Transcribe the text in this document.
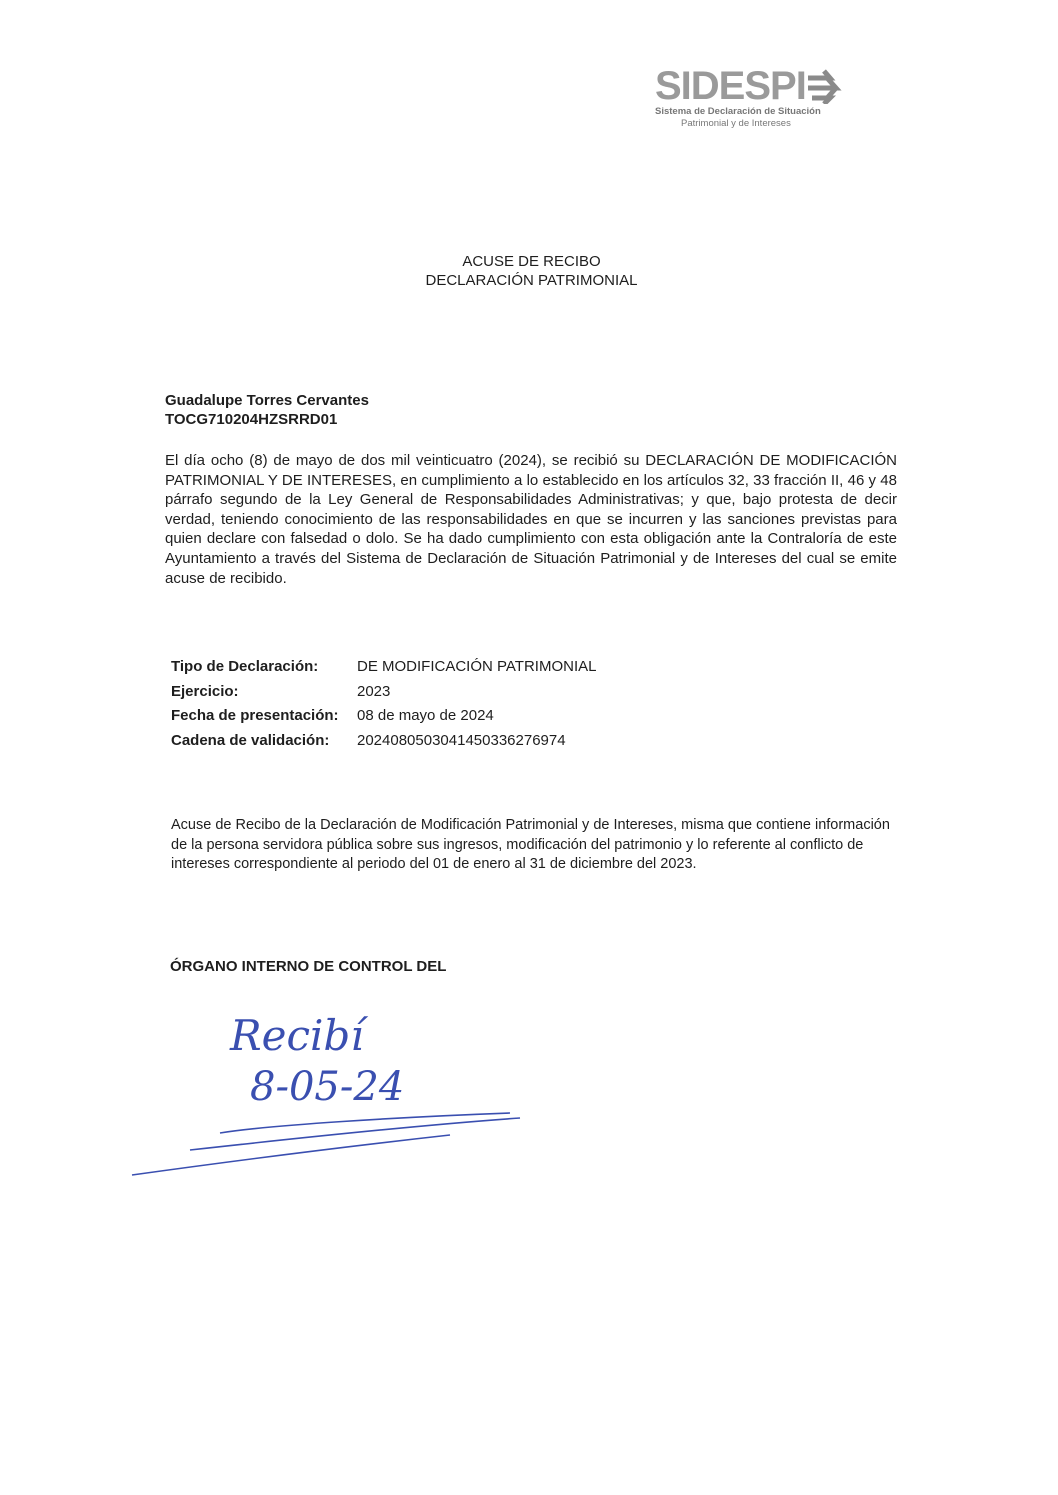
SIDESPI
Sistema de Declaración de Situación
Patrimonial y de Intereses
ACUSE DE RECIBO
DECLARACIÓN PATRIMONIAL
Guadalupe Torres Cervantes
TOCG710204HZSRRD01
El día ocho (8) de mayo de dos mil veinticuatro (2024), se recibió su DECLARACIÓN DE MODIFICACIÓN PATRIMONIAL Y DE INTERESES, en cumplimiento a lo establecido en los artículos 32, 33 fracción II, 46 y 48 párrafo segundo de la Ley General de Responsabilidades Administrativas; y que, bajo protesta de decir verdad, teniendo conocimiento de las responsabilidades en que se incurren y las sanciones previstas para quien declare con falsedad o dolo. Se ha dado cumplimiento con esta obligación ante la Contraloría de este Ayuntamiento a través del Sistema de Declaración de Situación Patrimonial y de Intereses del cual se emite acuse de recibido.
Tipo de Declaración:	DE MODIFICACIÓN PATRIMONIAL
Ejercicio:	2023
Fecha de presentación:	08 de mayo de 2024
Cadena de validación:	2024080503041450336276974
Acuse de Recibo de la Declaración de Modificación Patrimonial y de Intereses, misma que contiene información de la persona servidora pública sobre sus ingresos, modificación del patrimonio y lo referente al conflicto de intereses correspondiente al periodo del 01 de enero al 31 de diciembre del 2023.
ÓRGANO INTERNO DE CONTROL DEL
Recibí
8-05-24
